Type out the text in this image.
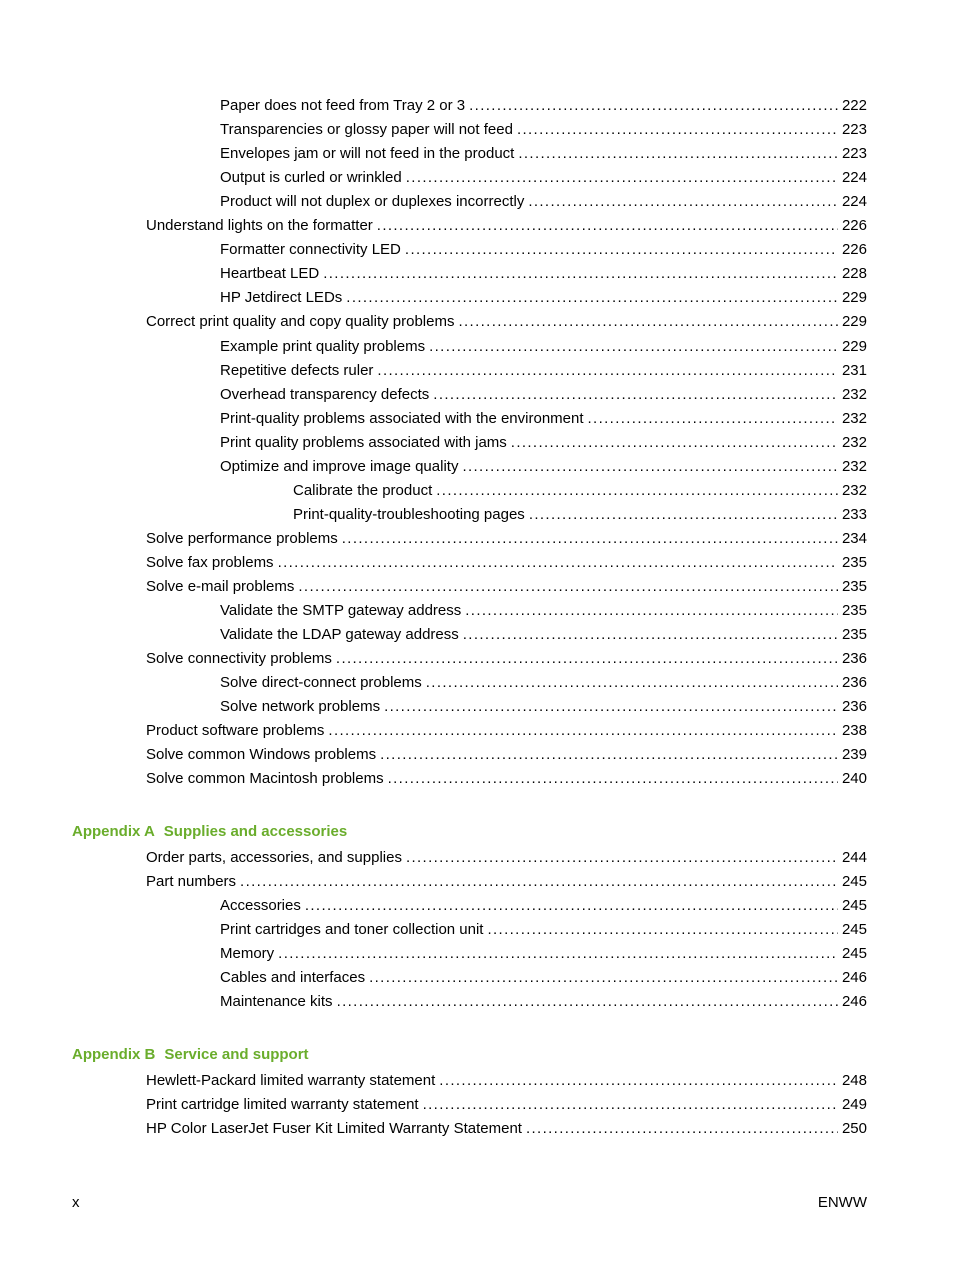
Paper does not feed from Tray 2 or 3 . . .	222
Transparencies or glossy paper will not feed . . .	223
Envelopes jam or will not feed in the product . . .	223
Output is curled or wrinkled . . .	224
Product will not duplex or duplexes incorrectly . . .	224
Understand lights on the formatter . . .	226
Formatter connectivity LED . . .	226
Heartbeat LED . . .	228
HP Jetdirect LEDs . . .	229
Correct print quality and copy quality problems . . .	229
Example print quality problems . . .	229
Repetitive defects ruler . . .	231
Overhead transparency defects . . .	232
Print-quality problems associated with the environment . . .	232
Print quality problems associated with jams . . .	232
Optimize and improve image quality . . .	232
Calibrate the product . . .	232
Print-quality-troubleshooting pages . . .	233
Solve performance problems . . .	234
Solve fax problems . . .	235
Solve e-mail problems . . .	235
Validate the SMTP gateway address . . .	235
Validate the LDAP gateway address . . .	235
Solve connectivity problems . . .	236
Solve direct-connect problems . . .	236
Solve network problems . . .	236
Product software problems . . .	238
Solve common Windows problems . . .	239
Solve common Macintosh problems . . .	240
Appendix A Supplies and accessories
Order parts, accessories, and supplies . . .	244
Part numbers . . .	245
Accessories . . .	245
Print cartridges and toner collection unit . . .	245
Memory . . .	245
Cables and interfaces . . .	246
Maintenance kits . . .	246
Appendix B Service and support
Hewlett-Packard limited warranty statement . . .	248
Print cartridge limited warranty statement . . .	249
HP Color LaserJet Fuser Kit Limited Warranty Statement . . .	250
x	ENWW
